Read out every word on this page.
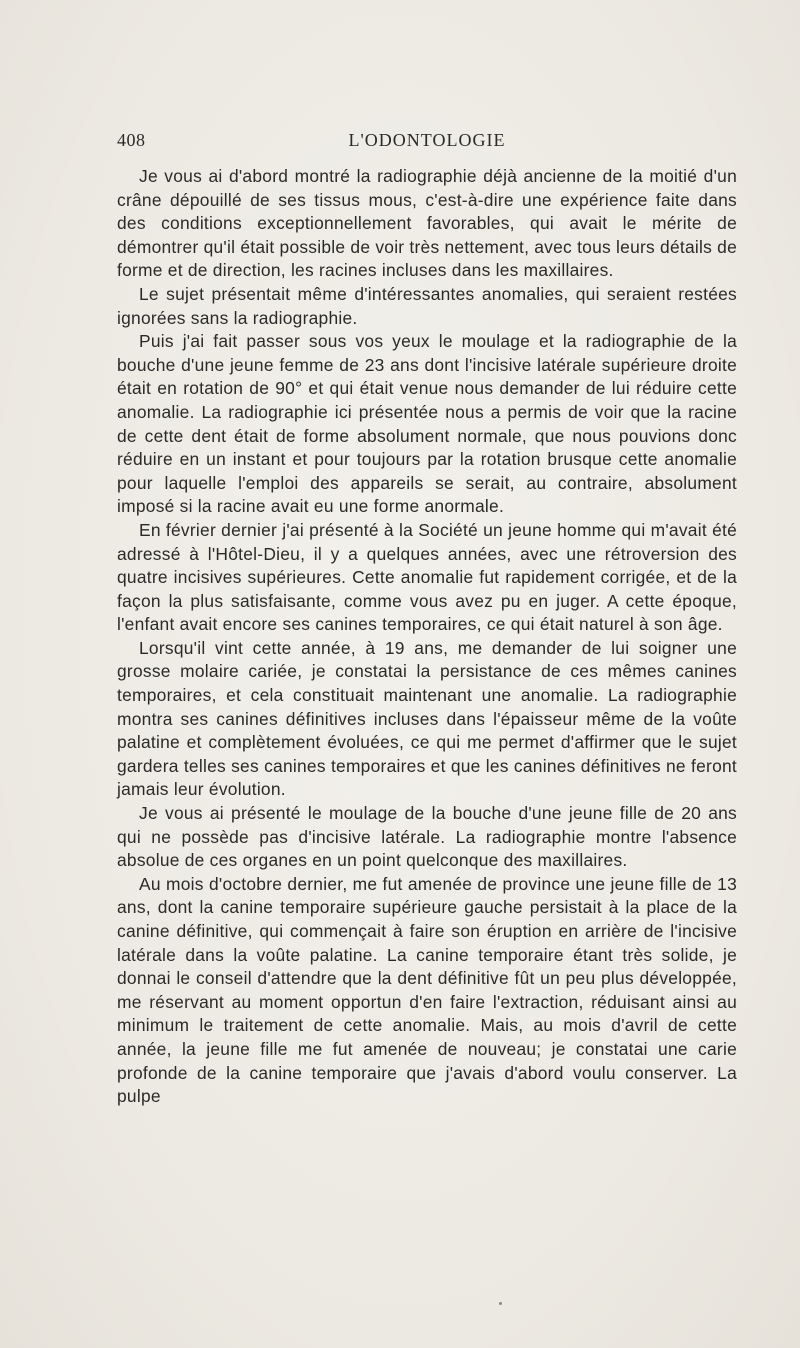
408	L'ODONTOLOGIE

Je vous ai d'abord montré la radiographie déjà ancienne de la moitié d'un crâne dépouillé de ses tissus mous, c'est-à-dire une expérience faite dans des conditions exceptionnellement favorables, qui avait le mérite de démontrer qu'il était possible de voir très nettement, avec tous leurs détails de forme et de direction, les racines incluses dans les maxillaires.

Le sujet présentait même d'intéressantes anomalies, qui seraient restées ignorées sans la radiographie.

Puis j'ai fait passer sous vos yeux le moulage et la radiographie de la bouche d'une jeune femme de 23 ans dont l'incisive latérale supérieure droite était en rotation de 90° et qui était venue nous demander de lui réduire cette anomalie. La radiographie ici présentée nous a permis de voir que la racine de cette dent était de forme absolument normale, que nous pouvions donc réduire en un instant et pour toujours par la rotation brusque cette anomalie pour laquelle l'emploi des appareils se serait, au contraire, absolument imposé si la racine avait eu une forme anormale.

En février dernier j'ai présenté à la Société un jeune homme qui m'avait été adressé à l'Hôtel-Dieu, il y a quelques années, avec une rétroversion des quatre incisives supérieures. Cette anomalie fut rapidement corrigée, et de la façon la plus satisfaisante, comme vous avez pu en juger. A cette époque, l'enfant avait encore ses canines temporaires, ce qui était naturel à son âge.

Lorsqu'il vint cette année, à 19 ans, me demander de lui soigner une grosse molaire cariée, je constatai la persistance de ces mêmes canines temporaires, et cela constituait maintenant une anomalie. La radiographie montra ses canines définitives incluses dans l'épaisseur même de la voûte palatine et complètement évoluées, ce qui me permet d'affirmer que le sujet gardera telles ses canines temporaires et que les canines définitives ne feront jamais leur évolution.

Je vous ai présenté le moulage de la bouche d'une jeune fille de 20 ans qui ne possède pas d'incisive latérale. La radiographie montre l'absence absolue de ces organes en un point quelconque des maxillaires.

Au mois d'octobre dernier, me fut amenée de province une jeune fille de 13 ans, dont la canine temporaire supérieure gauche persistait à la place de la canine définitive, qui commençait à faire son éruption en arrière de l'incisive latérale dans la voûte palatine. La canine temporaire étant très solide, je donnai le conseil d'attendre que la dent définitive fût un peu plus développée, me réservant au moment opportun d'en faire l'extraction, réduisant ainsi au minimum le traitement de cette anomalie. Mais, au mois d'avril de cette année, la jeune fille me fut amenée de nouveau; je constatai une carie profonde de la canine temporaire que j'avais d'abord voulu conserver. La pulpe
